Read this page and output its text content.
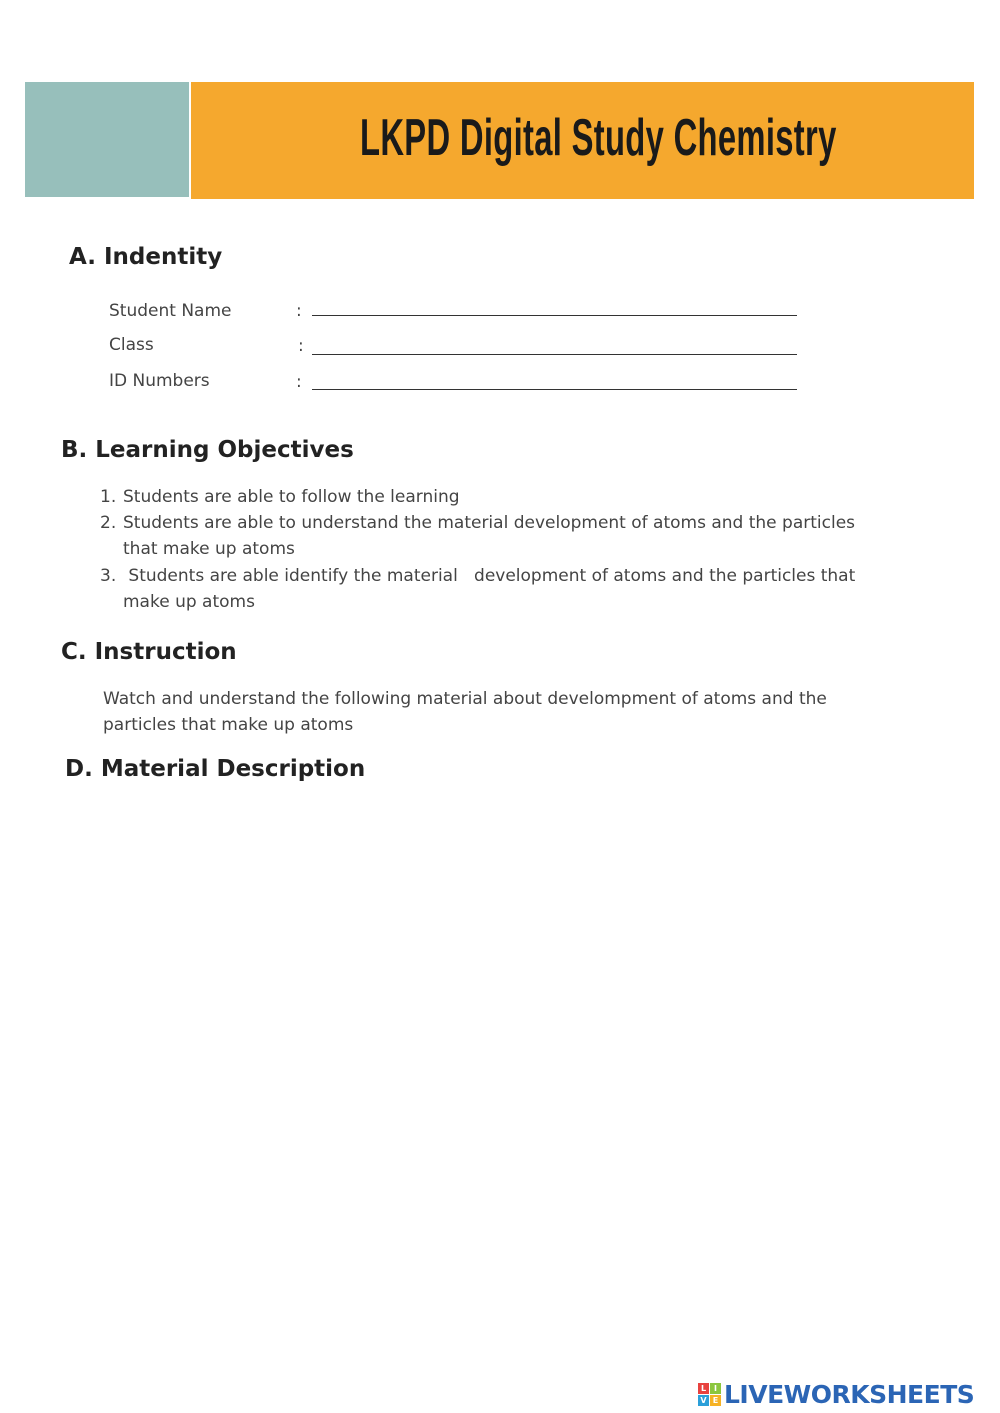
LKPD Digital Study Chemistry
A. Indentity
Student Name	:
Class	:
ID Numbers	:
B. Learning Objectives
1. Students are able to follow the learning
2. Students are able to understand the material development of atoms and the particles
that make up atoms
3. Students are able identify the material   development of atoms and the particles that
make up atoms
C. Instruction

Watch and understand the following material about develompment of atoms and the particles that make up atoms

D. Material Description
L I
V E LIVEWORKSHEETS
